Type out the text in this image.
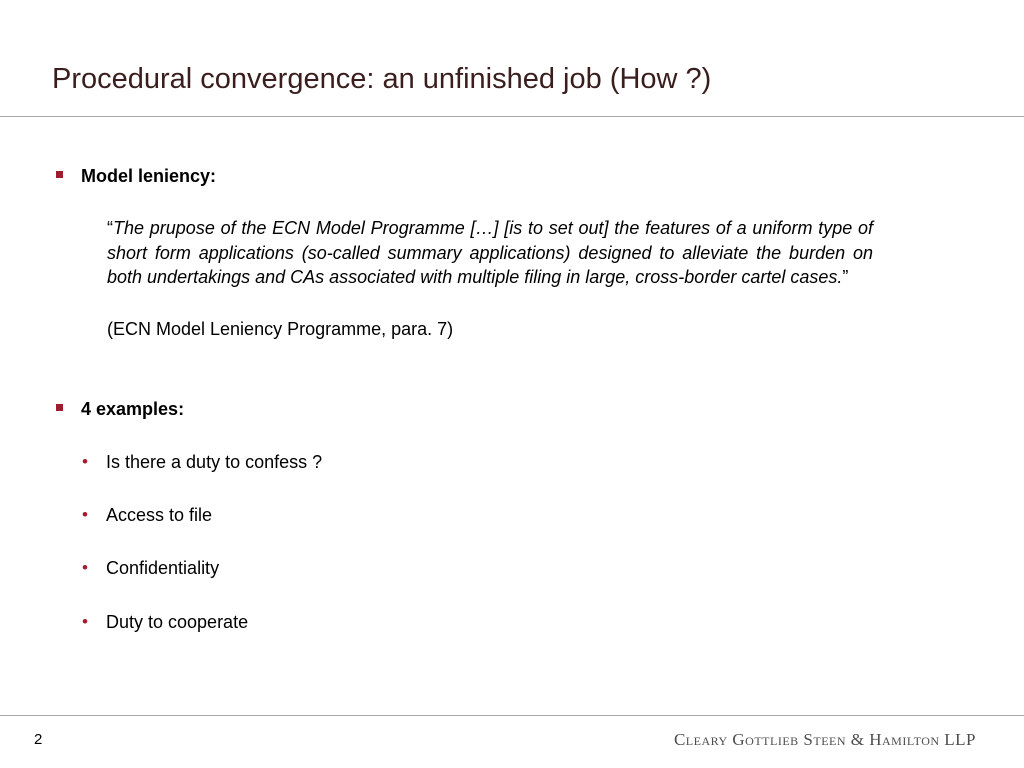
Procedural convergence: an unfinished job (How ?)
Model leniency:
“The prupose of the ECN Model Programme […] [is to set out] the features of a uniform type of short form applications (so-called summary applications) designed to alleviate the burden on both undertakings and CAs associated with multiple filing in large, cross-border cartel cases.”
(ECN Model Leniency Programme, para. 7)
4 examples:
•	Is there a duty to confess ?
•	Access to file
•	Confidentiality
•	Duty to cooperate
2	Cleary Gottlieb Steen & Hamilton LLP
